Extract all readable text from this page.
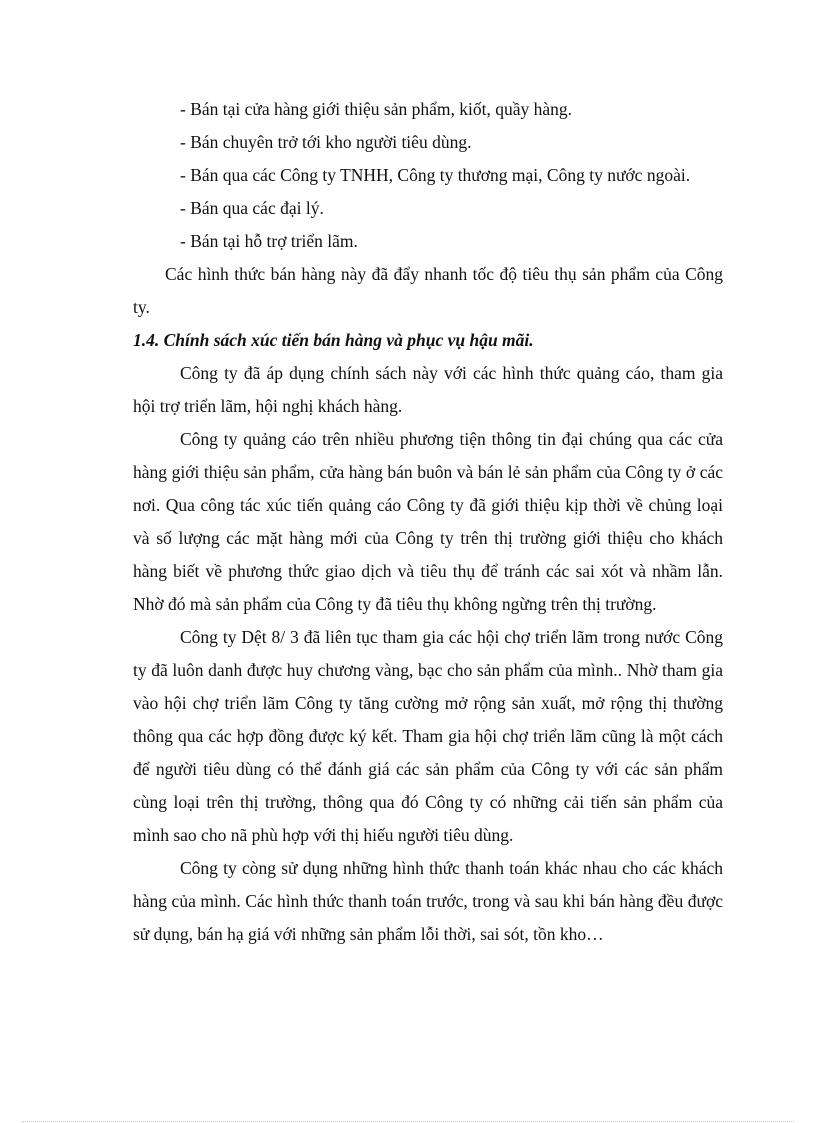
- Bán tại cửa hàng giới thiệu sản phẩm, kiốt, quầy hàng.

- Bán chuyên trở tới kho người tiêu dùng.

- Bán qua các Công ty TNHH, Công ty thương mại, Công ty nước ngoài.

- Bán qua các đại lý.

- Bán tại hỗ trợ triển lãm.

Các hình thức bán hàng này đã đẩy nhanh tốc độ tiêu thụ sản phẩm của Công ty.

1.4. Chính sách xúc tiến bán hàng và phục vụ hậu mãi.

Công ty đã áp dụng chính sách này với các hình thức quảng cáo, tham gia hội trợ triển lãm, hội nghị khách hàng.

Công ty quảng cáo trên nhiều phương tiện thông tin đại chúng qua các cửa hàng giới thiệu sản phẩm, cửa hàng bán buôn và bán lẻ sản phẩm của Công ty ở các nơi. Qua công tác xúc tiến quảng cáo Công ty đã giới thiệu kịp thời về chủng loại và số lượng các mặt hàng mới của Công ty trên thị trường giới thiệu cho khách hàng biết về phương thức giao dịch và tiêu thụ để tránh các sai xót và nhầm lẫn. Nhờ đó mà sản phẩm của Công ty đã tiêu thụ không ngừng trên thị trường.

Công ty Dệt 8/ 3 đã liên tục tham gia các hội chợ triển lãm trong nước Công ty đã luôn danh được huy chương vàng, bạc cho sản phẩm của mình.. Nhờ tham gia vào hội chợ triển lãm Công ty tăng cường mở rộng sản xuất, mở rộng thị thường thông qua các hợp đồng được ký kết. Tham gia hội chợ triển lãm cũng là một cách để người tiêu dùng có thể đánh giá các sản phẩm của Công ty với các sản phẩm cùng loại trên thị trường, thông qua đó Công ty có những cải tiến sản phẩm của mình sao cho nã phù hợp với thị hiếu người tiêu dùng.

Công ty còng sử dụng những hình thức thanh toán khác nhau cho các khách hàng của mình. Các hình thức thanh toán trước, trong và sau khi bán hàng đều được sử dụng, bán hạ giá với những sản phẩm lỗi thời, sai sót, tồn kho…
